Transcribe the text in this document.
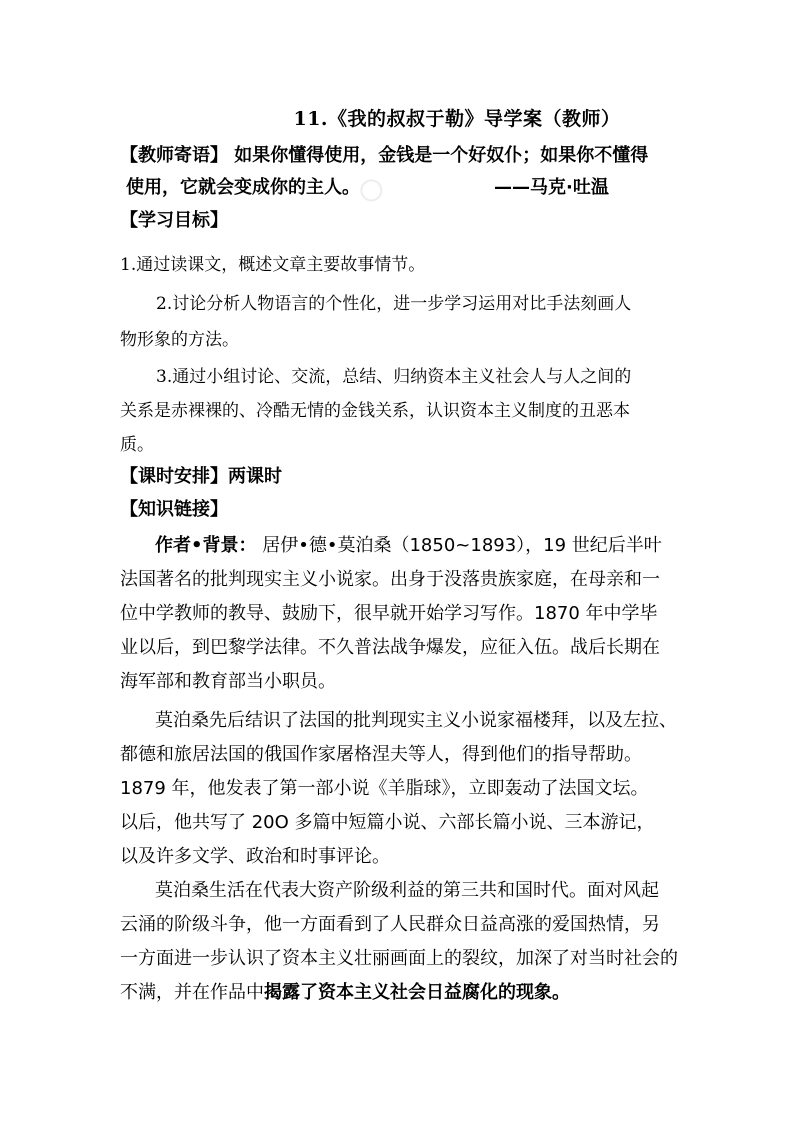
11.《我的叔叔于勒》导学案（教师）
【教师寄语】 如果你懂得使用，金钱是一个好奴仆；如果你不懂得
使用，它就会变成你的主人。	——马克·吐温
【学习目标】
1.通过读课文，概述文章主要故事情节。
2.讨论分析人物语言的个性化，进一步学习运用对比手法刻画人
物形象的方法。
3.通过小组讨论、交流，总结、归纳资本主义社会人与人之间的
关系是赤裸裸的、冷酷无情的金钱关系，认识资本主义制度的丑恶本
质。
【课时安排】两课时
【知识链接】
作者•背景： 居伊•德•莫泊桑（1850~1893），19 世纪后半叶
法国著名的批判现实主义小说家。出身于没落贵族家庭，在母亲和一
位中学教师的教导、鼓励下，很早就开始学习写作。1870 年中学毕
业以后，到巴黎学法律。不久普法战争爆发，应征入伍。战后长期在
海军部和教育部当小职员。
莫泊桑先后结识了法国的批判现实主义小说家福楼拜，以及左拉、
都德和旅居法国的俄国作家屠格涅夫等人，得到他们的指导帮助。
1879 年，他发表了第一部小说《羊脂球》，立即轰动了法国文坛。
以后，他共写了 20O 多篇中短篇小说、六部长篇小说、三本游记，
以及许多文学、政治和时事评论。
莫泊桑生活在代表大资产阶级利益的第三共和国时代。面对风起
云涌的阶级斗争，他一方面看到了人民群众日益高涨的爱国热情，另
一方面进一步认识了资本主义壮丽画面上的裂纹，加深了对当时社会的
不满，并在作品中揭露了资本主义社会日益腐化的现象。
